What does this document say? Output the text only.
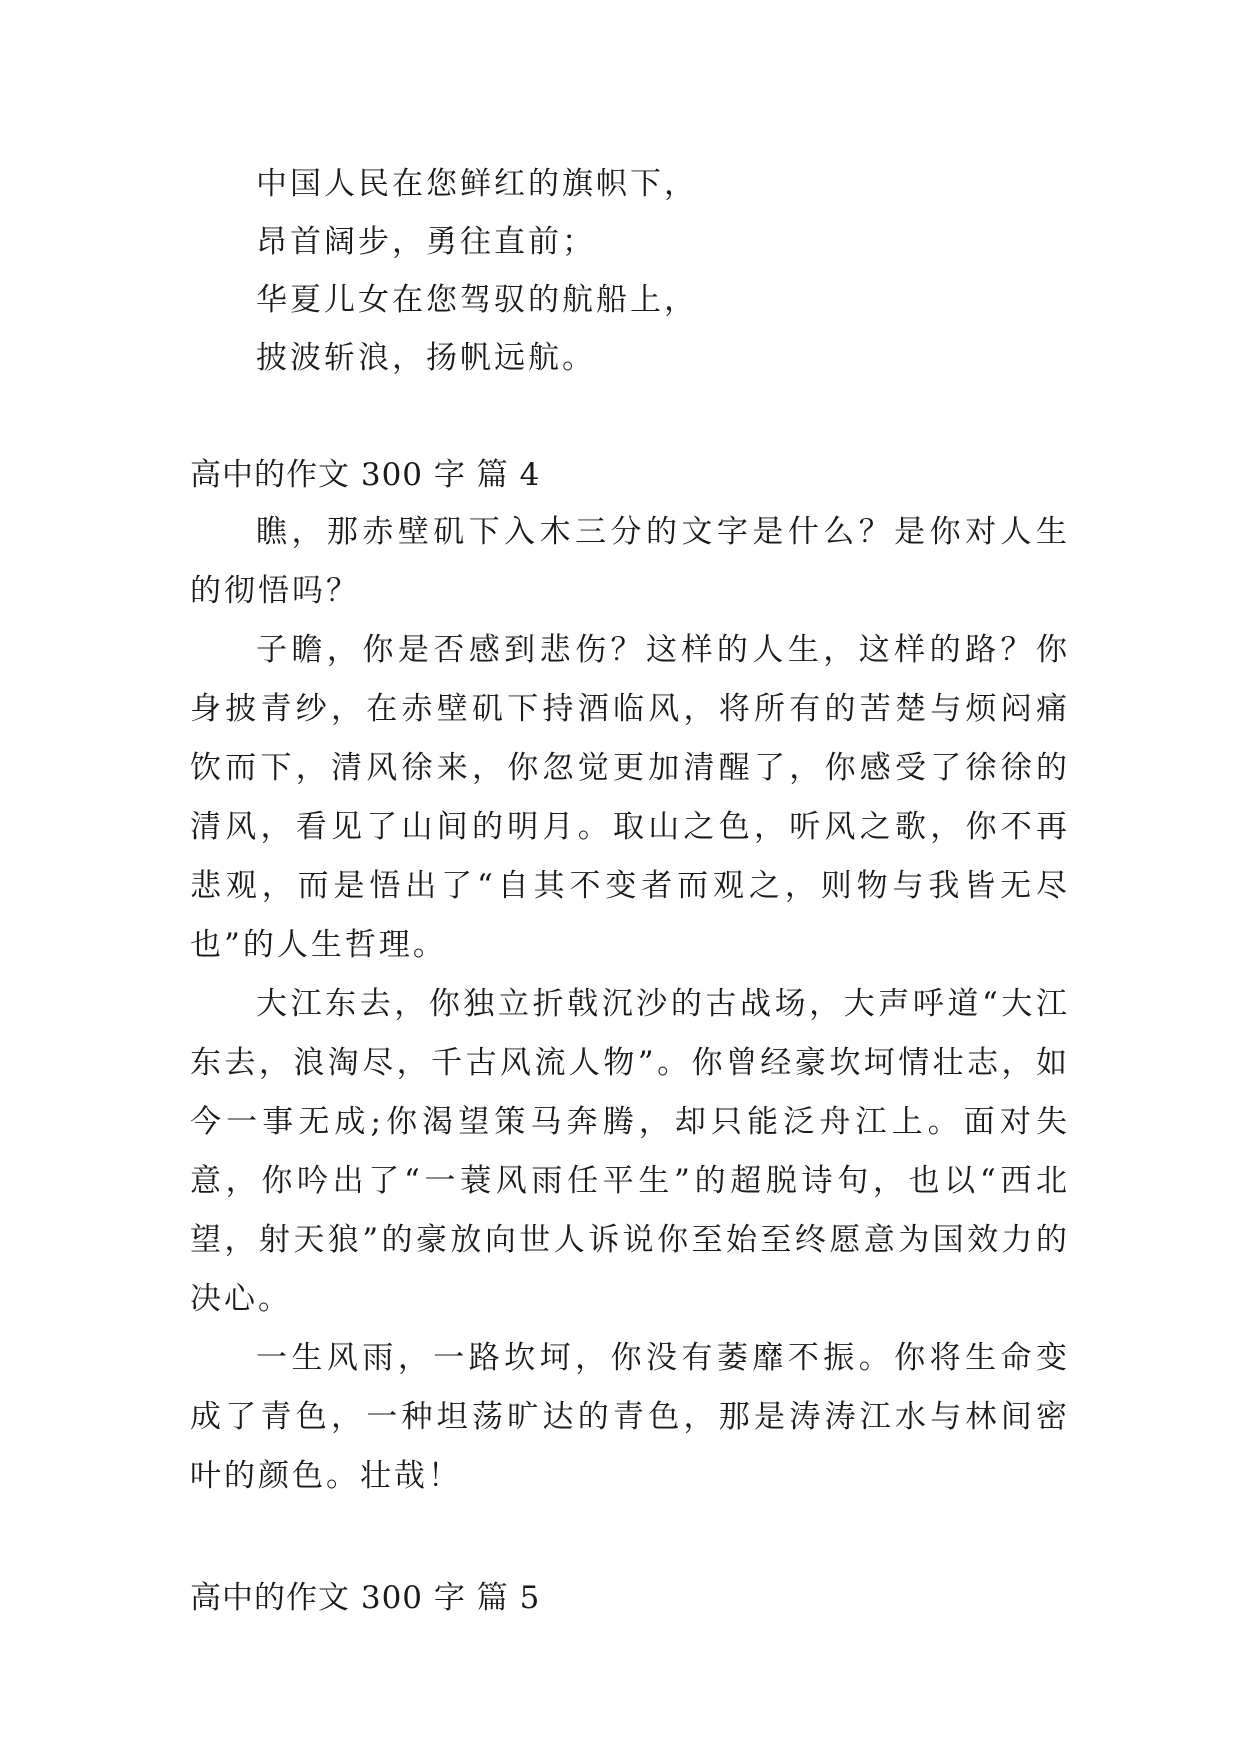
中国人民在您鲜红的旗帜下，
昂首阔步，勇往直前；
华夏儿女在您驾驭的航船上，
披波斩浪，扬帆远航。
高中的作文 300 字 篇 4

瞧，那赤壁矶下入木三分的文字是什么？是你对人生的彻悟吗？

子瞻，你是否感到悲伤？这样的人生，这样的路？你身披青纱，在赤壁矶下持酒临风，将所有的苦楚与烦闷痛饮而下，清风徐来，你忽觉更加清醒了，你感受了徐徐的清风，看见了山间的明月。取山之色，听风之歌，你不再悲观，而是悟出了“自其不变者而观之，则物与我皆无尽也”的人生哲理。

大江东去，你独立折戟沉沙的古战场，大声呼道“大江东去，浪淘尽，千古风流人物”。你曾经豪坎坷情壮志，如今一事无成;你渴望策马奔腾，却只能泛舟江上。面对失意，你吟出了“一蓑风雨任平生”的超脱诗句，也以“西北望，射天狼”的豪放向世人诉说你至始至终愿意为国效力的决心。

一生风雨，一路坎坷，你没有萎靡不振。你将生命变成了青色，一种坦荡旷达的青色，那是涛涛江水与林间密叶的颜色。壮哉！

高中的作文 300 字 篇 5
